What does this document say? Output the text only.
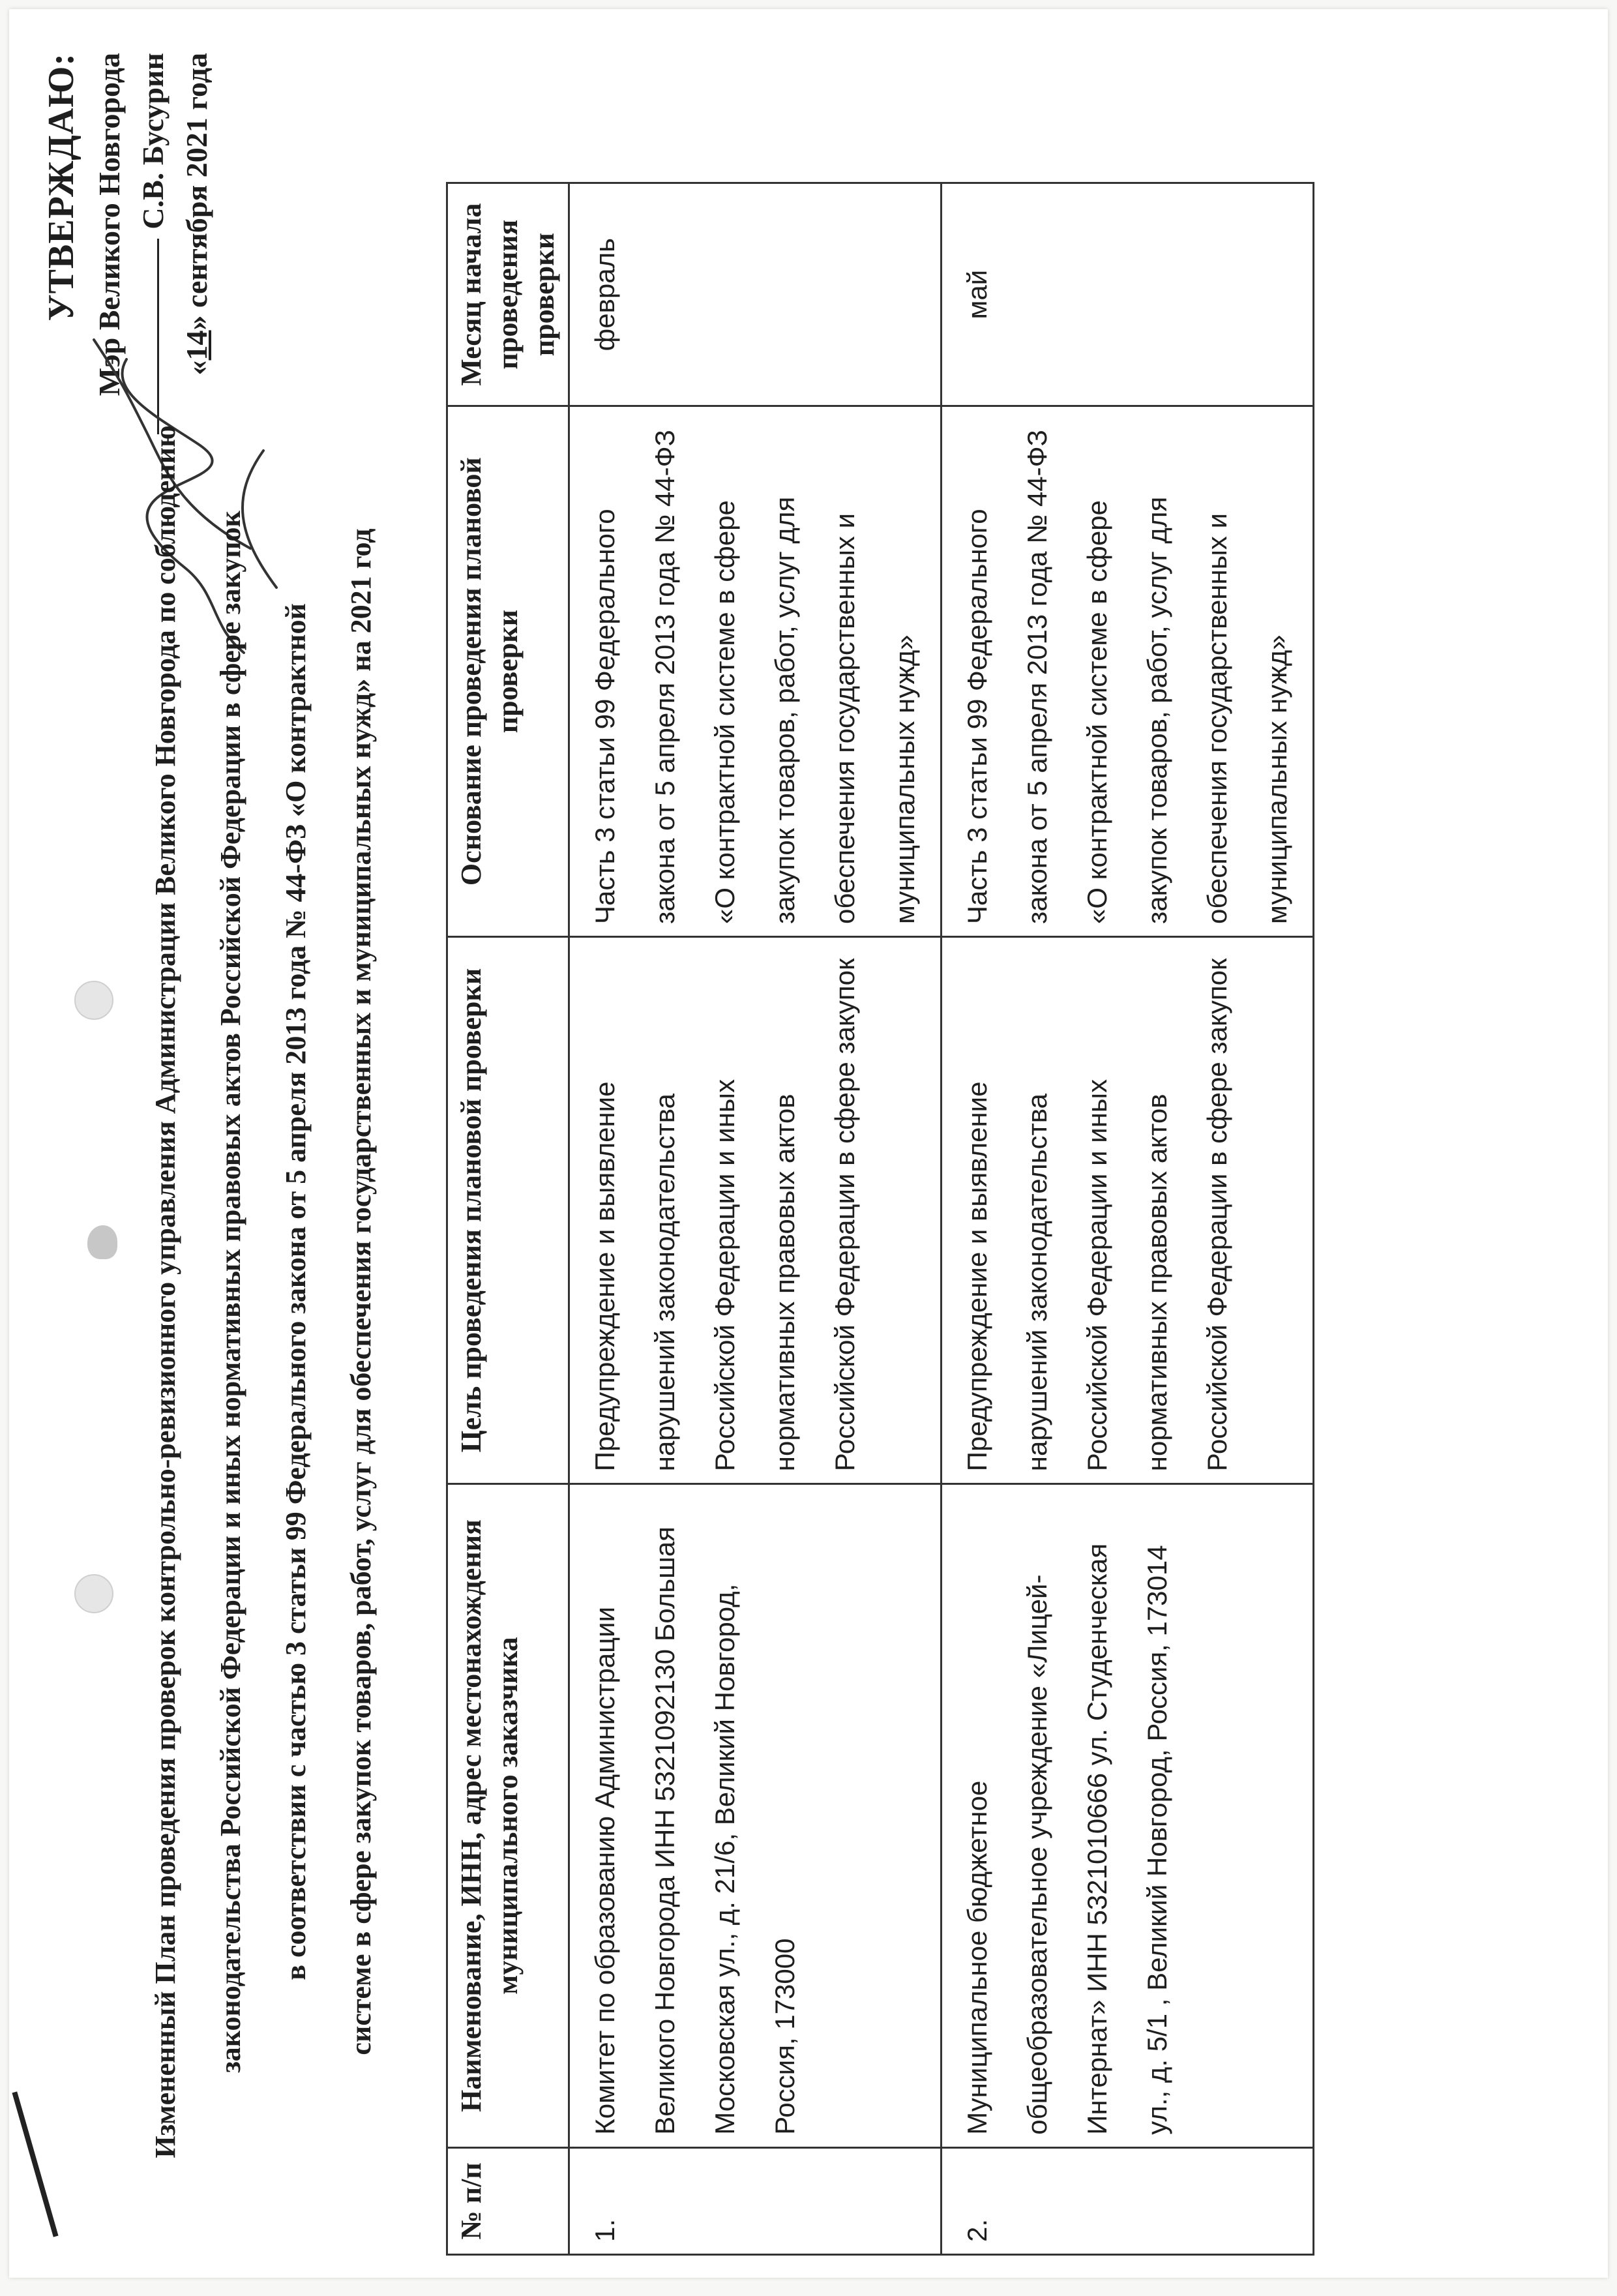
УТВЕРЖДАЮ: Мэр Великого Новгорода С.В. Бусурин
«14» сентября 2021 года
Измененный План проведения проверок контрольно-ревизионного управления Администрации Великого Новгорода по соблюдению	законодательства Российской Федерации и иных нормативных правовых актов Российской Федерации в сфере закупок	в соответствии с частью 3 статьи 99 Федерального закона от 5 апреля 2013 года № 44-ФЗ «О контрактной	системе в сфере закупок товаров, работ, услуг для обеспечения государственных и муниципальных нужд» на 2021 год
№ п/п	Наименование, ИНН, адрес местонахождения муниципального заказчика	Цель проведения плановой проверки	Основание проведения плановой проверки	Месяц начала проведения проверки
1.	Комитет по образованию Администрации Великого Новгорода ИНН 5321092130 Большая Московская ул., д. 21/6, Великий Новгород, Россия, 173000	Предупреждение и выявление нарушений законодательства Российской Федерации и иных нормативных правовых актов Российской Федерации в сфере закупок	Часть 3 статьи 99 Федерального закона от 5 апреля 2013 года № 44-ФЗ «О контрактной системе в сфере закупок товаров, работ, услуг для обеспечения государственных и муниципальных нужд»	февраль
2.	Муниципальное бюджетное общеобразовательное учреждение «Лицей-Интернат» ИНН 5321010666 ул. Студенческая ул., д. 5/1 , Великий Новгород, Россия, 173014	Предупреждение и выявление нарушений законодательства Российской Федерации и иных нормативных правовых актов Российской Федерации в сфере закупок	Часть 3 статьи 99 Федерального закона от 5 апреля 2013 года № 44-ФЗ «О контрактной системе в сфере закупок товаров, работ, услуг для обеспечения государственных и муниципальных нужд»	май
